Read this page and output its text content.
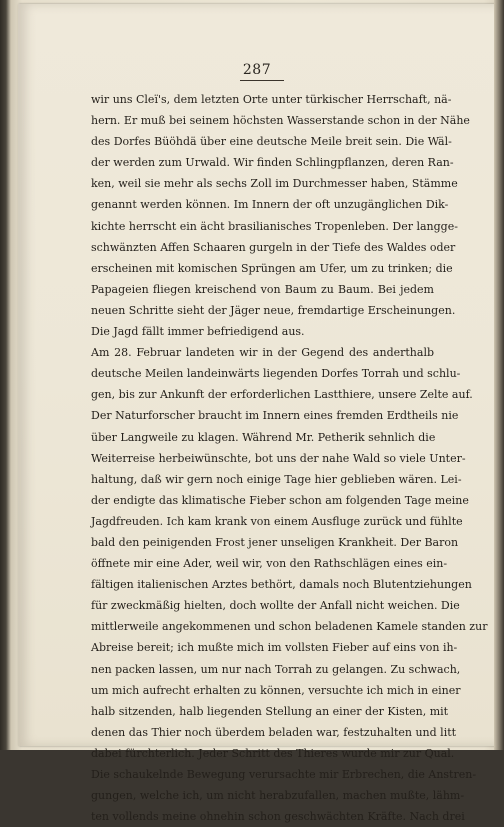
287
wir uns Cleï's, dem letzten Orte unter türkischer Herrschaft, nä-
hern. Er muß bei seinem höchsten Wasserstande schon in der Nähe
des Dorfes Büöhdä über eine deutsche Meile breit sein. Die Wäl-
der werden zum Urwald. Wir finden Schlingpflanzen, deren Ran-
ken, weil sie mehr als sechs Zoll im Durchmesser haben, Stämme
genannt werden können. Im Innern der oft unzugänglichen Dik-
kichte herrscht ein ächt brasilianisches Tropenleben. Der langge-
schwänzten Affen Schaaren gurgeln in der Tiefe des Waldes oder
erscheinen mit komischen Sprüngen am Ufer, um zu trinken; die
Papageien fliegen kreischend von Baum zu Baum. Bei jedem
neuen Schritte sieht der Jäger neue, fremdartige Erscheinungen.
Die Jagd fällt immer befriedigend aus.
Am 28. Februar landeten wir in der Gegend des anderthalb
deutsche Meilen landeinwärts liegenden Dorfes Torrah und schlu-
gen, bis zur Ankunft der erforderlichen Lastthiere, unsere Zelte auf.
Der Naturforscher braucht im Innern eines fremden Erdtheils nie
über Langweile zu klagen. Während Mr. Petherik sehnlich die
Weiterreise herbeiwünschte, bot uns der nahe Wald so viele Unter-
haltung, daß wir gern noch einige Tage hier geblieben wären. Lei-
der endigte das klimatische Fieber schon am folgenden Tage meine
Jagdfreuden. Ich kam krank von einem Ausfluge zurück und fühlte
bald den peinigenden Frost jener unseligen Krankheit. Der Baron
öffnete mir eine Ader, weil wir, von den Rathschlägen eines ein-
fältigen italienischen Arztes bethört, damals noch Blutentziehungen
für zweckmäßig hielten, doch wollte der Anfall nicht weichen. Die
mittlerweile angekommenen und schon beladenen Kamele standen zur
Abreise bereit; ich mußte mich im vollsten Fieber auf eins von ih-
nen packen lassen, um nur nach Torrah zu gelangen. Zu schwach,
um mich aufrecht erhalten zu können, versuchte ich mich in einer
halb sitzenden, halb liegenden Stellung an einer der Kisten, mit
denen das Thier noch überdem beladen war, festzuhalten und litt
dabei fürchterlich. Jeder Schritt des Thieres wurde mir zur Qual.
Die schaukelnde Bewegung verursachte mir Erbrechen, die Anstren-
gungen, welche ich, um nicht herabzufallen, machen mußte, lähm-
ten vollends meine ohnehin schon geschwächten Kräfte. Nach drei
